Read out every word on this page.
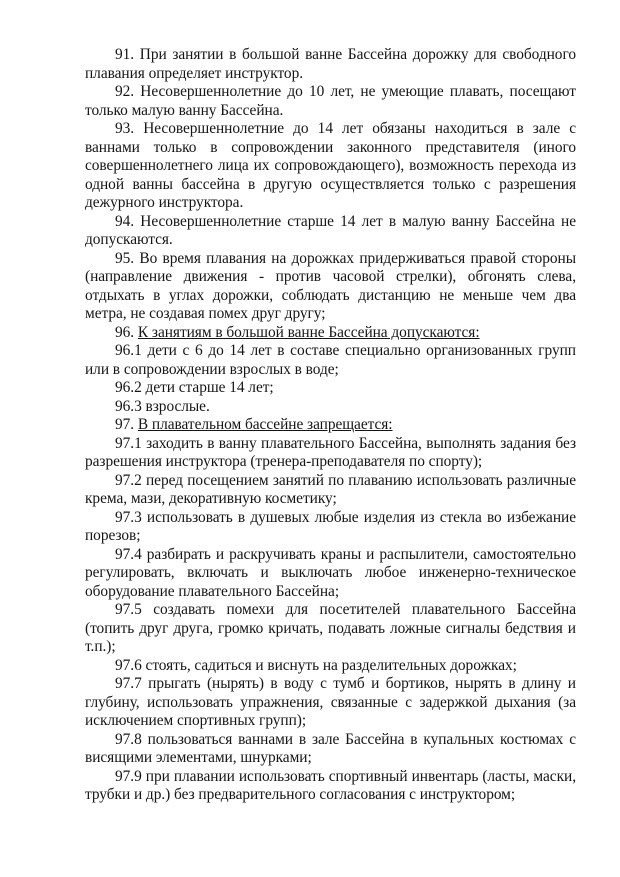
91. При занятии в большой ванне Бассейна дорожку для свободного плавания определяет инструктор.

92. Несовершеннолетние до 10 лет, не умеющие плавать, посещают только малую ванну Бассейна.

93. Несовершеннолетние до 14 лет обязаны находиться в зале с ваннами только в сопровождении законного представителя (иного совершеннолетнего лица их сопровождающего), возможность перехода из одной ванны бассейна в другую осуществляется только с разрешения дежурного инструктора.

94. Несовершеннолетние старше 14 лет в малую ванну Бассейна не допускаются.

95. Во время плавания на дорожках придерживаться правой стороны (направление движения - против часовой стрелки), обгонять слева, отдыхать в углах дорожки, соблюдать дистанцию не меньше чем два метра, не создавая помех друг другу;

96. К занятиям в большой ванне Бассейна допускаются:

96.1 дети с 6 до 14 лет в составе специально организованных групп или в сопровождении взрослых в воде;

96.2 дети старше 14 лет;

96.3 взрослые.

97. В плавательном бассейне запрещается:

97.1 заходить в ванну плавательного Бассейна, выполнять задания без разрешения инструктора (тренера-преподавателя по спорту);

97.2 перед посещением занятий по плаванию использовать различные крема, мази, декоративную косметику;

97.3 использовать в душевых любые изделия из стекла во избежание порезов;

97.4 разбирать и раскручивать краны и распылители, самостоятельно регулировать, включать и выключать любое инженерно-техническое оборудование плавательного Бассейна;

97.5 создавать помехи для посетителей плавательного Бассейна (топить друг друга, громко кричать, подавать ложные сигналы бедствия и т.п.);

97.6 стоять, садиться и виснуть на разделительных дорожках;

97.7 прыгать (нырять) в воду с тумб и бортиков, нырять в длину и глубину, использовать упражнения, связанные с задержкой дыхания (за исключением спортивных групп);

97.8 пользоваться ваннами в зале Бассейна в купальных костюмах с висящими элементами, шнурками;

97.9 при плавании использовать спортивный инвентарь (ласты, маски, трубки и др.) без предварительного согласования с инструктором;
